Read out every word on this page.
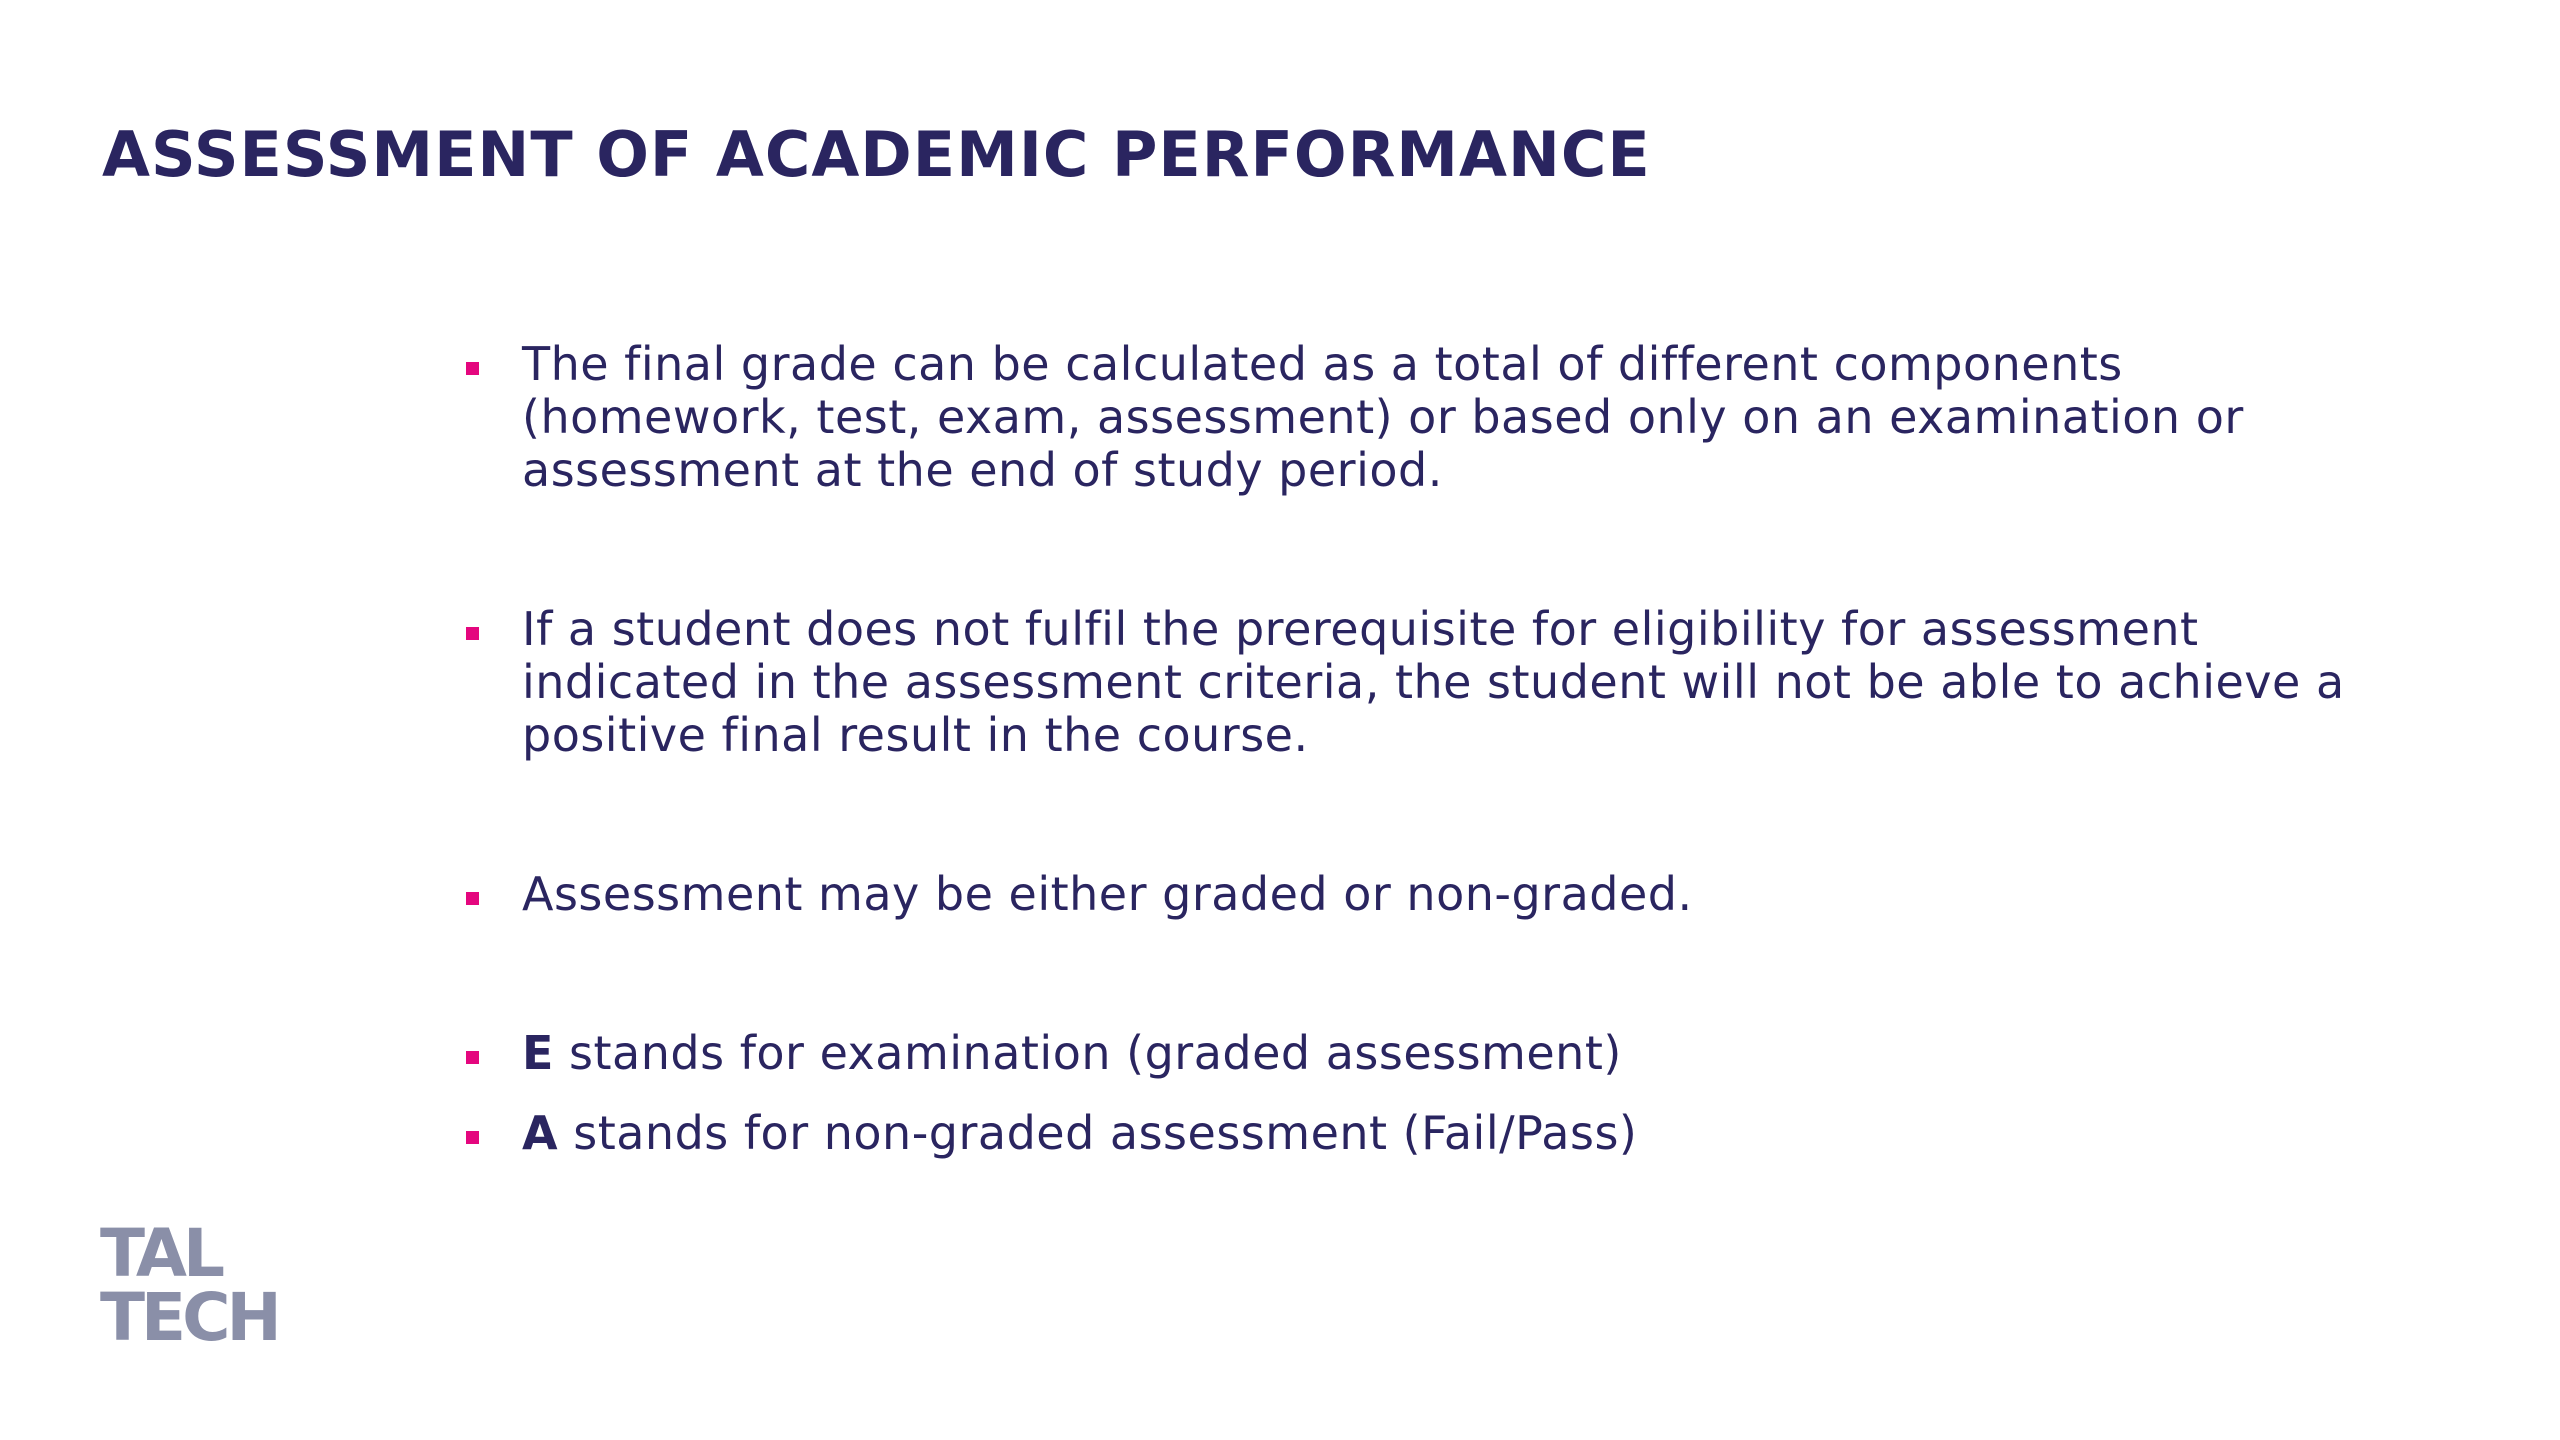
ASSESSMENT OF ACADEMIC PERFORMANCE
The final grade can be calculated as a total of different components (homework, test, exam, assessment) or based only on an examination or assessment at the end of study period.
If a student does not fulfil the prerequisite for eligibility for assessment indicated in the assessment criteria, the student will not be able to achieve a positive final result in the course.
Assessment may be either graded or non-graded.
E stands for examination (graded assessment)
A stands for non-graded assessment (Fail/Pass)
TAL
TECH
